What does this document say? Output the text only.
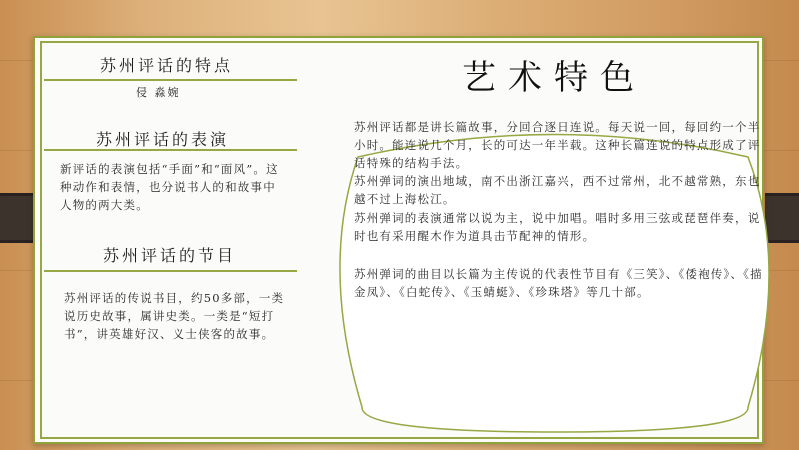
苏州评话的特点
侵 淼婉
苏州评话的表演
新评话的表演包括“手面”和“面风”。这种动作和表情，也分说书人的和故事中人物的两大类。
苏州评话的节目
苏州评话的传说书目，约50多部，一类说历史故事，属讲史类。一类是“短打书”，讲英雄好汉、义士侠客的故事。
艺术特色
苏州评话都是讲长篇故事，分回合逐日连说。每天说一回，每回约一个半小时。能连说几个月，长的可达一年半载。这种长篇连说的特点形成了评话特殊的结构手法。
苏州弹词的演出地域，南不出浙江嘉兴，西不过常州，北不越常熟，东也越不过上海松江。
苏州弹词的表演通常以说为主，说中加唱。唱时多用三弦或琵琶伴奏，说时也有采用醒木作为道具击节配神的情形。
苏州弹词的曲目以长篇为主传说的代表性节目有《三笑》、《倭袍传》、《描金凤》、《白蛇传》、《玉蜻蜓》、《珍珠塔》等几十部。
